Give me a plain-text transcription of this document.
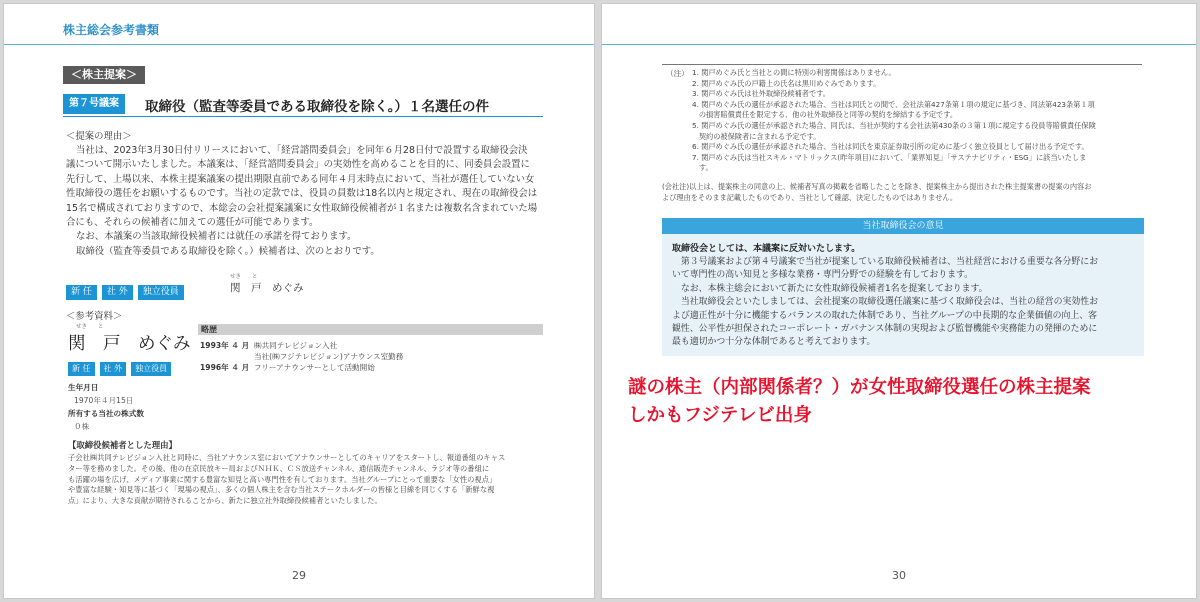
株主総会参考書類
＜株主提案＞
第７号議案	取締役（監査等委員である取締役を除く。）１名選任の件
＜提案の理由＞
当社は、2023年3月30日付リリースにおいて、「経営諮問委員会」を同年６月28日付で設置する取締役会決
議について開示いたしました。本議案は、「経営諮問委員会」の実効性を高めることを目的に、同委員会設置に
先行して、上場以来、本株主提案議案の提出期限直前である同年４月末時点において、当社が選任していない女
性取締役の選任をお願いするものです。当社の定款では、役員の員数は18名以内と規定され、現在の取締役会は
15名で構成されておりますので、本総会の会社提案議案に女性取締役候補者が１名または複数名含まれていた場
合にも、それらの候補者に加えての選任が可能であります。
なお、本議案の当該取締役候補者には就任の承諾を得ております。
取締役（監査等委員である取締役を除く。）候補者は、次のとおりです。
新 任 社 外 独立役員
せき　　と
関　戸　めぐみ
＜参考資料＞
せき　　と
関　戸　めぐみ
新 任 社 外 独立役員
略歴
1993年 ４ 月 ㈱共同テレビジョン入社
当社(㈱フジテレビジョン)アナウンス室勤務
1996年 ４ 月 フリーアナウンサーとして活動開始
生年月日
1970年４月15日
所有する当社の株式数
０株
【取締役候補者とした理由】
子会社㈱共同テレビジョン入社と同時に、当社アナウンス室においてアナウンサーとしてのキャリアをスタートし、報道番組のキャス
ター等を務めました。その後、他の在京民放キー局およびＮＨＫ、ＣＳ放送チャンネル、通信販売チャンネル、ラジオ等の番組に
も活躍の場を広げ、メディア事業に関する豊富な知見と高い専門性を有しております。当社グループにとって重要な「女性の視点」
や豊富な経験・知見等に基づく「現場の視点」、多くの個人株主を含む当社ステークホルダーの皆様と目線を同じくする「新鮮な視
点」により、大きな貢献が期待されることから、新たに独立社外取締役候補者といたしました。
29
（注） 1. 関戸めぐみ氏と当社との間に特別の利害関係はありません。
2. 関戸めぐみ氏の戸籍上の氏名は黒川めぐみであります。
3. 関戸めぐみ氏は社外取締役候補者です。
4. 関戸めぐみ氏の選任が承認された場合、当社は同氏との間で、会社法第427条第１項の規定に基づき、同法第423条第１項
の損害賠償責任を限定する、他の社外取締役と同等の契約を締結する予定です。
5. 関戸めぐみ氏の選任が承認された場合、同氏は、当社が契約する会社法第430条の３第１項に規定する役員等賠償責任保険
契約の被保険者に含まれる予定です。
6. 関戸めぐみ氏の選任が承認された場合、当社は同氏を東京証券取引所の定めに基づく独立役員として届け出る予定です。
7. 関戸めぐみ氏は当社スキル・マトリックス(昨年項目)において、「業界知見」「サステナビリティ・ESG」に該当いたしま
す。
(会社注)以上は、提案株主の同意の上、候補者写真の掲載を省略したことを除き、提案株主から提出された株主提案書の提案の内容お
よび理由をそのまま記載したものであり、当社として確認、決定したものではありません。
当社取締役会の意見
取締役会としては、本議案に反対いたします。
　第３号議案および第４号議案で当社が提案している取締役候補者は、当社経営における重要な各分野にお
いて専門性の高い知見と多様な業務・専門分野での経験を有しております。
　なお、本株主総会において新たに女性取締役候補者1名を提案しております。
　当社取締役会といたしましては、会社提案の取締役選任議案に基づく取締役会は、当社の経営の実効性お
よび適正性が十分に機能するバランスの取れた体制であり、当社グループの中長期的な企業価値の向上、客
観性、公平性が担保されたコーポレート・ガバナンス体制の実現および監督機能や実務能力の発揮のために
最も適切かつ十分な体制であると考えております。
謎の株主（内部関係者？）が女性取締役選任の株主提案
しかもフジテレビ出身
30
